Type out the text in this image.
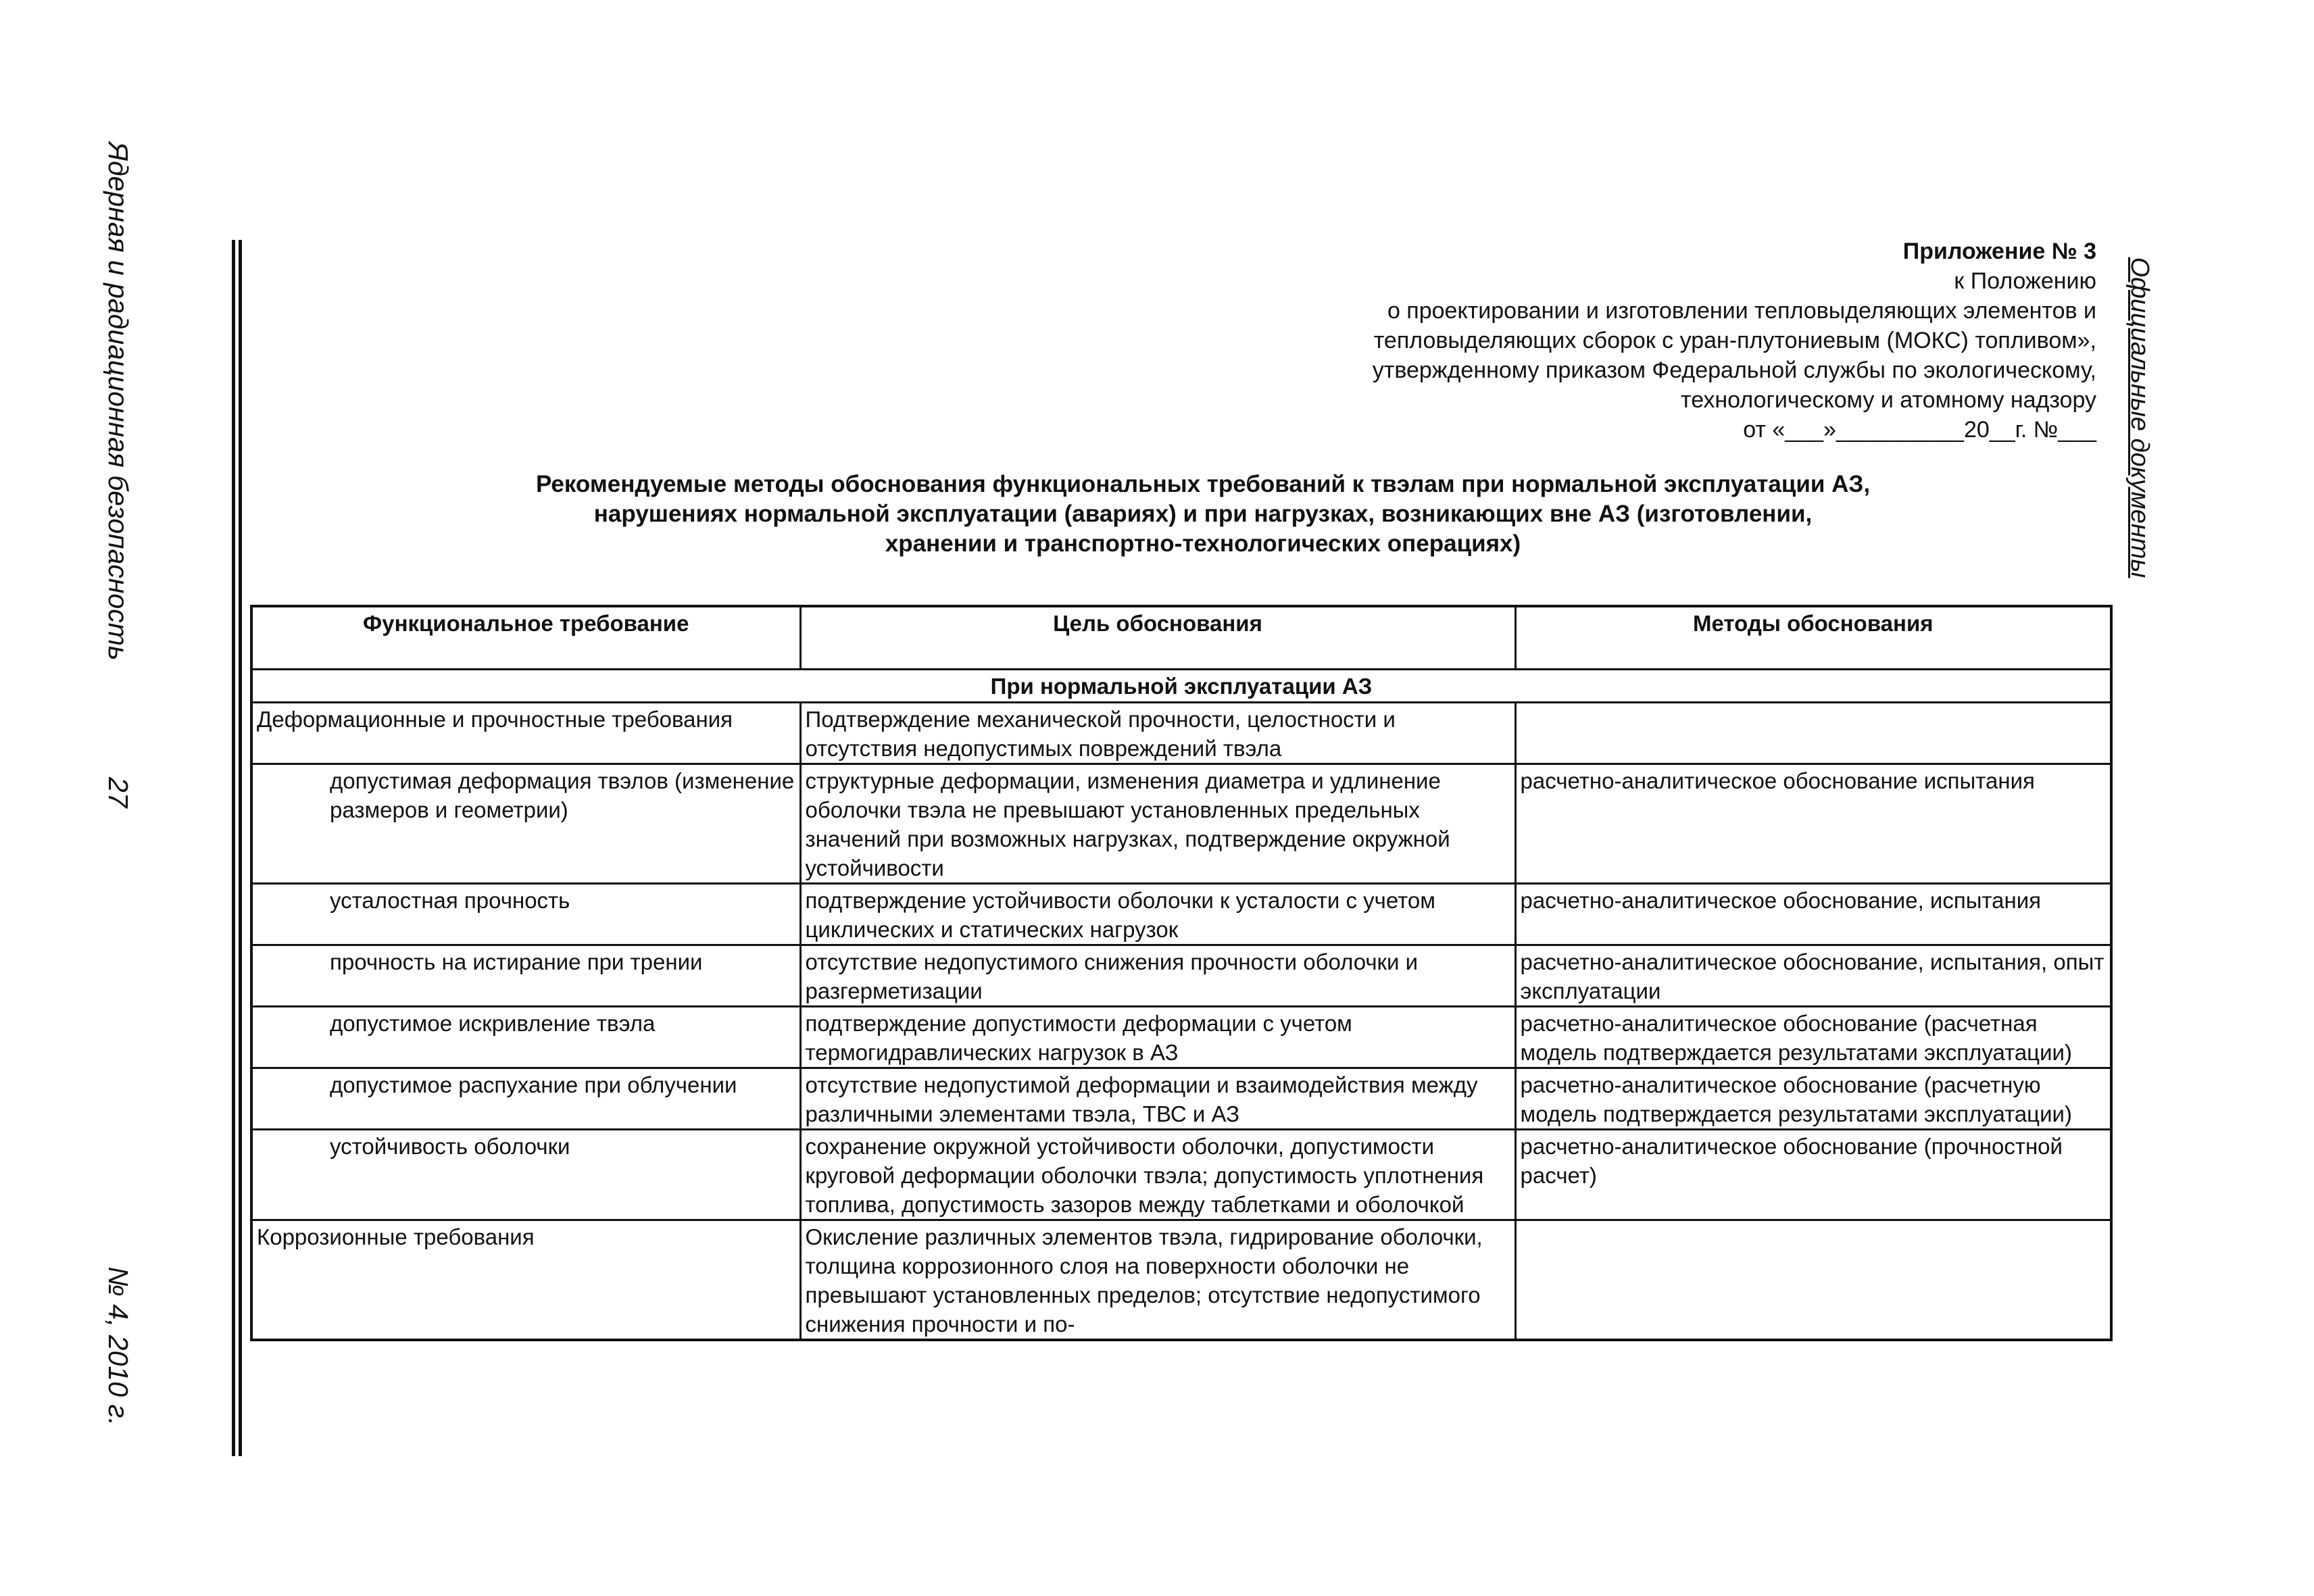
Ядерная и радиационная безопасность
27
№ 4, 2010 г.
Официальные документы
Приложение № 3
к Положению
о проектировании и изготовлении тепловыделяющих элементов и
тепловыделяющих сборок с уран-плутониевым (МОКС) топливом»,
утвержденному приказом Федеральной службы по экологическому,
технологическому и атомному надзору
от «___»__________20__г. №___
Рекомендуемые методы обоснования функциональных требований к твэлам при нормальной эксплуатации АЗ,
нарушениях нормальной эксплуатации (авариях) и при нагрузках, возникающих вне АЗ (изготовлении,
хранении и транспортно-технологических операциях)
Функциональное требование	Цель обоснования	Методы обоснования
При нормальной эксплуатации АЗ		
Деформационные и прочностные требования	Подтверждение механической прочности, целостности и отсутствия недопустимых повреждений твэла	
допустимая деформация твэлов (изменение размеров и геометрии)	структурные деформации, изменения диаметра и удлинение оболочки твэла не превышают установленных предельных значений при возможных нагрузках, подтверждение окружной устойчивости	расчетно-аналитическое обоснование испытания
усталостная прочность	подтверждение устойчивости оболочки к усталости с учетом циклических и статических нагрузок	расчетно-аналитическое обоснование, испытания
прочность на истирание при трении	отсутствие недопустимого снижения прочности оболочки и разгерметизации	расчетно-аналитическое обоснование, испытания, опыт эксплуатации
допустимое искривление твэла	подтверждение допустимости деформации с учетом термогидравлических нагрузок в АЗ	расчетно-аналитическое обоснование (расчетная модель подтверждается результатами эксплуатации)
допустимое распухание при облучении	отсутствие недопустимой деформации и взаимодействия между различными элементами твэла, ТВС и АЗ	расчетно-аналитическое обоснование (расчетную модель подтверждается результатами эксплуатации)
устойчивость оболочки	сохранение окружной устойчивости оболочки, допустимости круговой деформации оболочки твэла; допустимость уплотнения топлива, допустимость зазоров между таблетками и оболочкой	расчетно-аналитическое обоснование (прочностной расчет)
Коррозионные требования	Окисление различных элементов твэла, гидрирование оболочки, толщина коррозионного слоя на поверхности оболочки не превышают установленных пределов; отсутствие недопустимого снижения прочности и по-	
